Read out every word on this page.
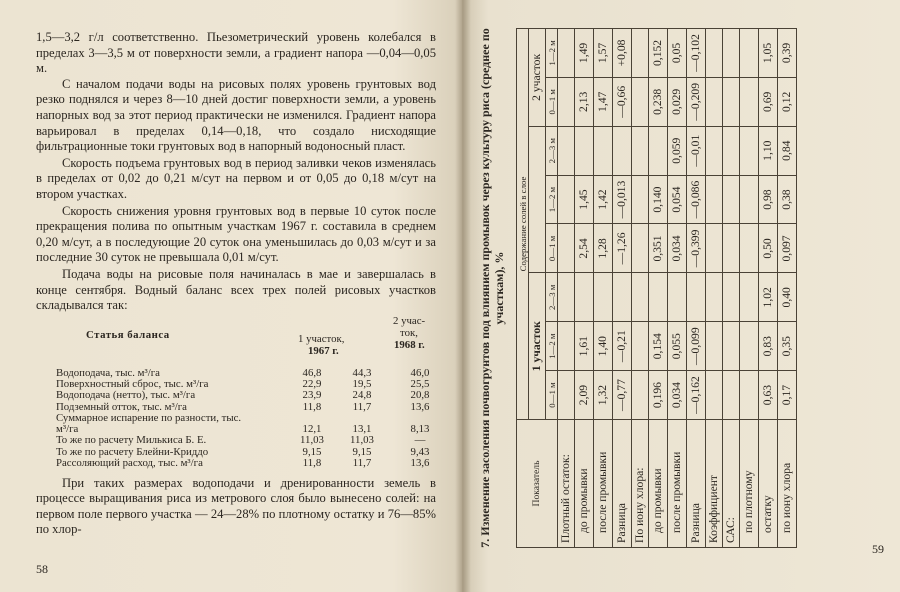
1,5—3,2 г/л соответственно. Пьезометрический уровень колебался в пределах 3—3,5 м от поверхности земли, а градиент напора —0,04—0,05 м.

С началом подачи воды на рисовых полях уровень грунтовых вод резко поднялся и через 8—10 дней достиг поверхности земли, а уровень напорных вод за этот период практически не изменился. Градиент напора варьировал в пределах 0,14—0,18, что создало нисходящие фильтрационные токи грунтовых вод в напорный водоносный пласт.

Скорость подъема грунтовых вод в период заливки чеков изменялась в пределах от 0,02 до 0,21 м/сут на первом и от 0,05 до 0,18 м/сут на втором участках.

Скорость снижения уровня грунтовых вод в первые 10 суток после прекращения полива по опытным участкам 1967 г. составила в среднем 0,20 м/сут, а в последующие 20 суток она уменьшилась до 0,03 м/сут и за последние 30 суток не превышала 0,01 м/сут.

Подача воды на рисовые поля начиналась в мае и завершалась в конце сентября. Водный баланс всех трех полей рисовых участков складывался так:

Статья баланса	1 участок,
1967 г.
2 учас-
ток,
1968 г.
Водоподача, тыс. м³/га	46,8	44,3	46,0
Поверхностный сброс, тыс. м³/га	22,9	19,5	25,5
Водоподача (нетто), тыс. м³/га	23,9	24,8	20,8
Подземный отток, тыс. м³/га	11,8	11,7	13,6
Суммарное испарение по разности, тыс.
м³/га	12,1	13,1	8,13
То же по расчету Милькиса Б. Е.	11,03	11,03	—
То же по расчету Блейни-Криддо	9,15	9,15	9,43
Рассоляющий расход, тыс. м³/га	11,8	11,7	13,6

При таких размерах водоподачи и дренированности земель в процессе выращивания риса из метрового слоя было вынесено солей: на первом поле первого участка — 24—28% по плотному остатку и 76—85% по хлор-

58
59
7. Изменение засоления почвогрунтов под влиянием промывок через культуру риса (среднее по участкам), %
Показатель	Содержание солей в слое							
	1 участок						2 участок	
	0—1 м	1—2 м	2—3 м	0—1 м	1—2 м	2—3 м	0—1 м	1—2 м
Плотный остаток:								
до промывки	2,09	1,61		2,54	1,45		2,13	1,49
после промывки	1,32	1,40		1,28	1,42		1,47	1,57
Разница	—0,77	—0,21		—1,26	—0,013		—0,66	+0,08
По иону хлора:								
до промывки	0,196	0,154		0,351	0,140		0,238	0,152
после промывки	0,034	0,055		0,034	0,054	0,059	0,029	0,05
Разница	—0,162	—0,099		—0,399	—0,086	—0,01	—0,209	—0,102
Коэффициент								
САС:								
по плотному								
остатку	0,63	0,83	1,02	0,50	0,98	1,10	0,69	1,05
по иону хлора	0,17	0,35	0,40	0,097	0,38	0,84	0,12	0,39
